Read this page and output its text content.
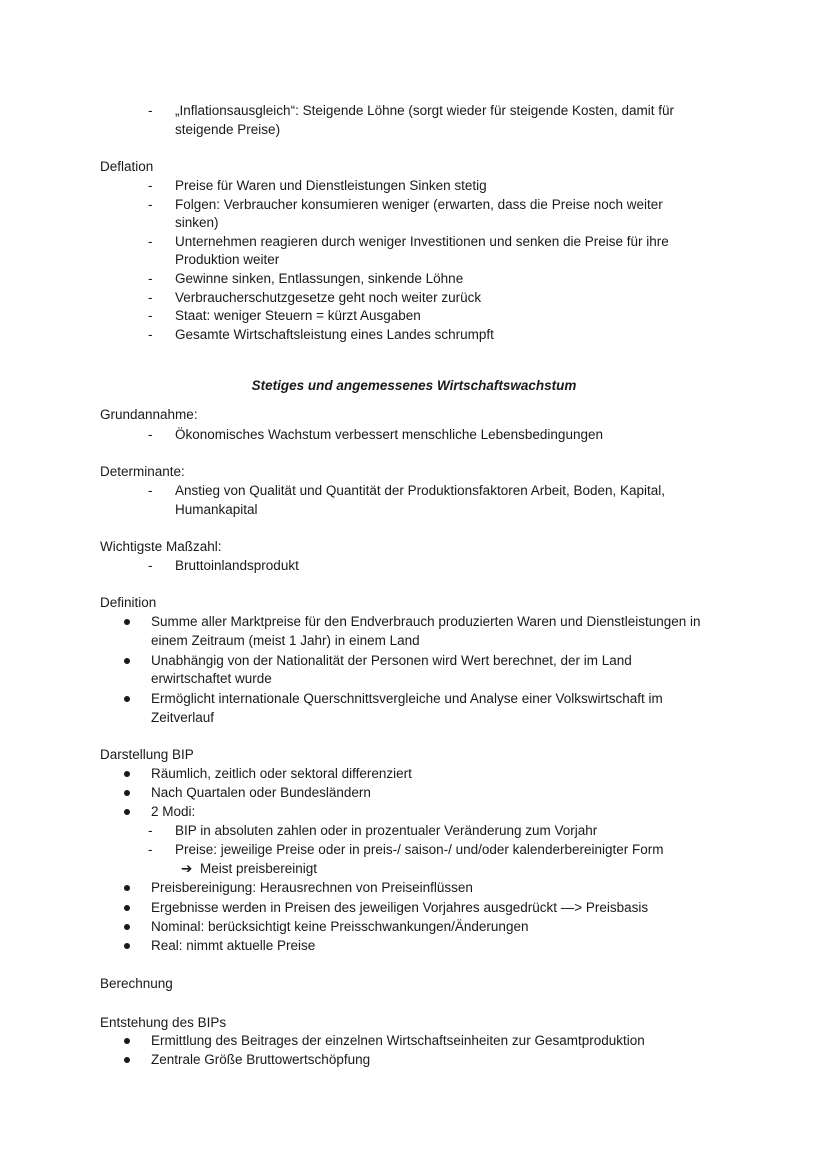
- „Inflationsausgleich“: Steigende Löhne (sorgt wieder für steigende Kosten, damit für
steigende Preise)
Deflation
- Preise für Waren und Dienstleistungen Sinken stetig
- Folgen: Verbraucher konsumieren weniger (erwarten, dass die Preise noch weiter
sinken)
- Unternehmen reagieren durch weniger Investitionen und senken die Preise für ihre
Produktion weiter
- Gewinne sinken, Entlassungen, sinkende Löhne
- Verbraucherschutzgesetze geht noch weiter zurück
- Staat: weniger Steuern = kürzt Ausgaben
- Gesamte Wirtschaftsleistung eines Landes schrumpft
Stetiges und angemessenes Wirtschaftswachstum
Grundannahme:
- Ökonomisches Wachstum verbessert menschliche Lebensbedingungen
Determinante:
- Anstieg von Qualität und Quantität der Produktionsfaktoren Arbeit, Boden, Kapital,
Humankapital
Wichtigste Maßzahl:
- Bruttoinlandsprodukt
Definition
Summe aller Marktpreise für den Endverbrauch produzierten Waren und Dienstleistungen in
einem Zeitraum (meist 1 Jahr) in einem Land
Unabhängig von der Nationalität der Personen wird Wert berechnet, der im Land
erwirtschaftet wurde
Ermöglicht internationale Querschnittsvergleiche und Analyse einer Volkswirtschaft im
Zeitverlauf
Darstellung BIP
Räumlich, zeitlich oder sektoral differenziert
Nach Quartalen oder Bundesländern
2 Modi:
- BIP in absoluten zahlen oder in prozentualer Veränderung zum Vorjahr
- Preise: jeweilige Preise oder in preis-/ saison-/ und/oder kalenderbereinigter Form
➔ Meist preisbereinigt
Preisbereinigung: Herausrechnen von Preiseinflüssen
Ergebnisse werden in Preisen des jeweiligen Vorjahres ausgedrückt —> Preisbasis
Nominal: berücksichtigt keine Preisschwankungen/Änderungen
Real: nimmt aktuelle Preise
Berechnung
Entstehung des BIPs
Ermittlung des Beitrages der einzelnen Wirtschaftseinheiten zur Gesamtproduktion
Zentrale Größe Bruttowertschöpfung
